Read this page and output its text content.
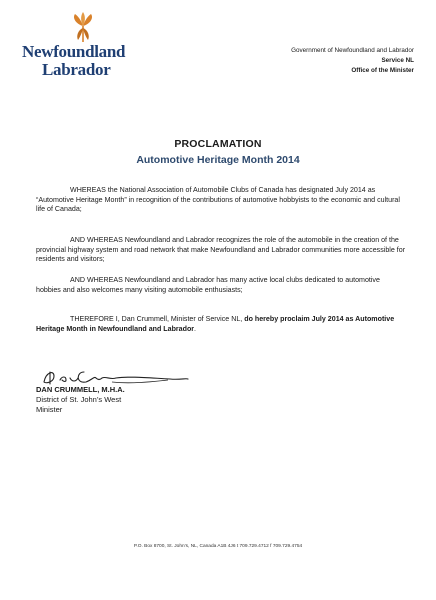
Newfoundland
Labrador
Government of Newfoundland and Labrador
Service NL
Office of the Minister
PROCLAMATION
Automotive Heritage Month 2014
WHEREAS the National Association of Automobile Clubs of Canada has designated July 2014 as “Automotive Heritage Month” in recognition of the contributions of automotive hobbyists to the economic and cultural life of Canada;
AND WHEREAS Newfoundland and Labrador recognizes the role of the automobile in the creation of the provincial highway system and road network that make Newfoundland and Labrador communities more accessible for residents and visitors;
AND WHEREAS Newfoundland and Labrador has many active local clubs dedicated to automotive hobbies and also welcomes many visiting automobile enthusiasts;
THEREFORE I, Dan Crummell, Minister of Service NL, do hereby proclaim July 2014 as Automotive Heritage Month in Newfoundland and Labrador.
DAN CRUMMELL, M.H.A.
District of St. John’s West
Minister
P.O. Box 8700, St. John’s, NL, Canada A1B 4J6 t 709.729.4712 f 709.729.4754
